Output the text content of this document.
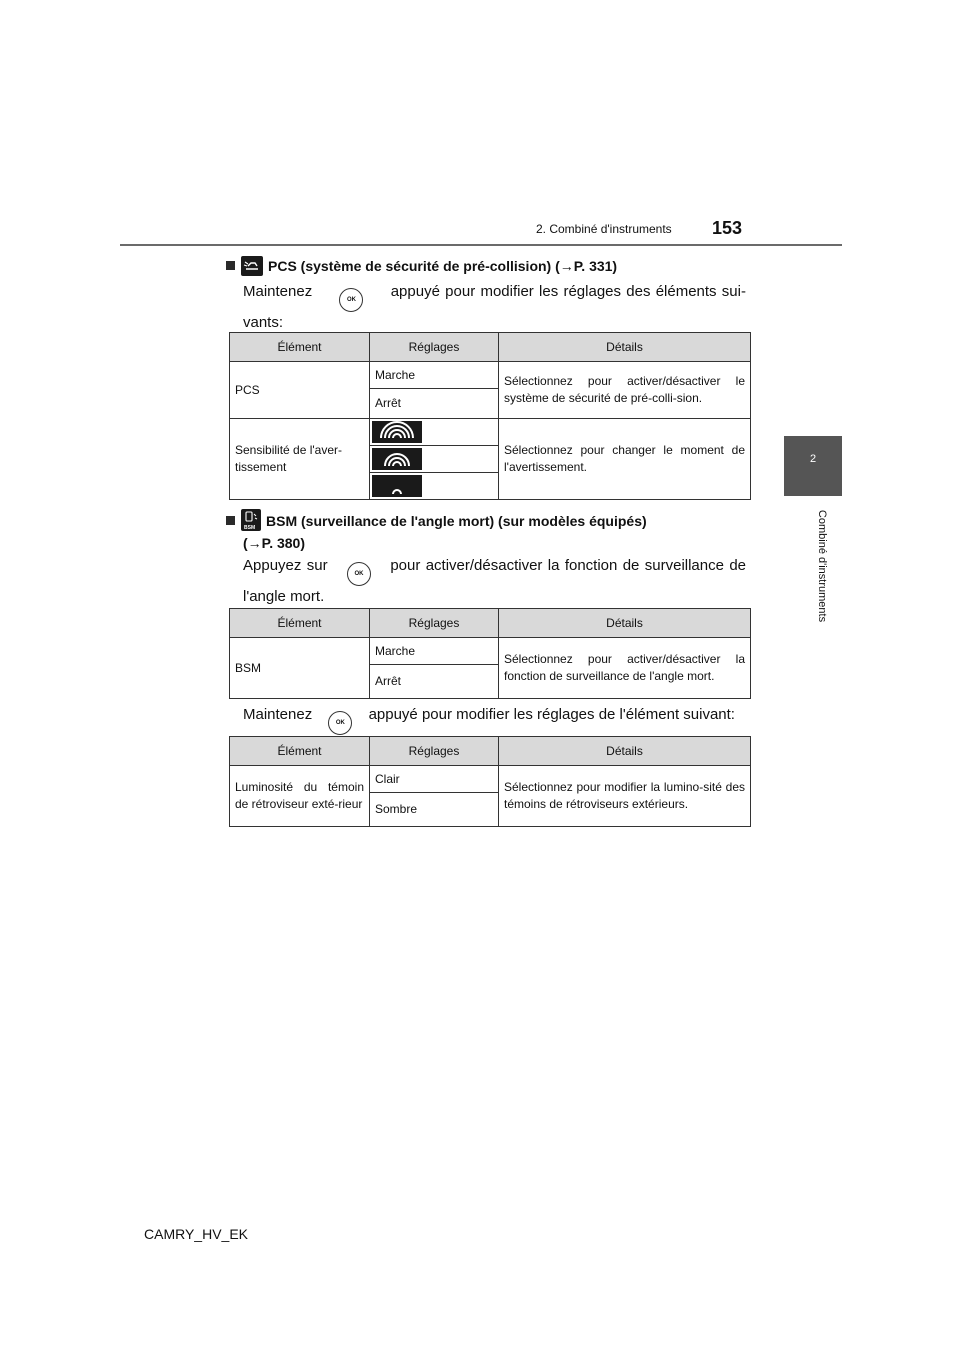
2. Combiné d'instruments 153
2
Combiné d'instruments
PCS (système de sécurité de pré-collision) (→P. 331)
Maintenez	OK appuyé pour modifier les réglages des éléments sui-vants:
Élément	Réglages	Détails
PCS	Marche	Sélectionnez pour activer/désactiver le système de sécurité de pré-colli-sion.
	Arrêt	
Sensibilité de l'aver-tissement		Sélectionnez pour changer le moment de l'avertissement.

BSM BSM (surveillance de l'angle mort) (sur modèles équipés)
(→P. 380)
Appuyez sur	OK pour activer/désactiver la fonction de surveillance de l'angle mort.
Élément	Réglages	Détails
BSM	Marche	Sélectionnez pour activer/désactiver la fonction de surveillance de l'angle mort.
	Arrêt	
Maintenez	OK appuyé pour modifier les réglages de l'élément suivant:
Élément	Réglages	Détails
Luminosité du témoin de rétroviseur exté-rieur	Clair	Sélectionnez pour modifier la lumino-sité des témoins de rétroviseurs extérieurs.
	Sombre	
CAMRY_HV_EK
